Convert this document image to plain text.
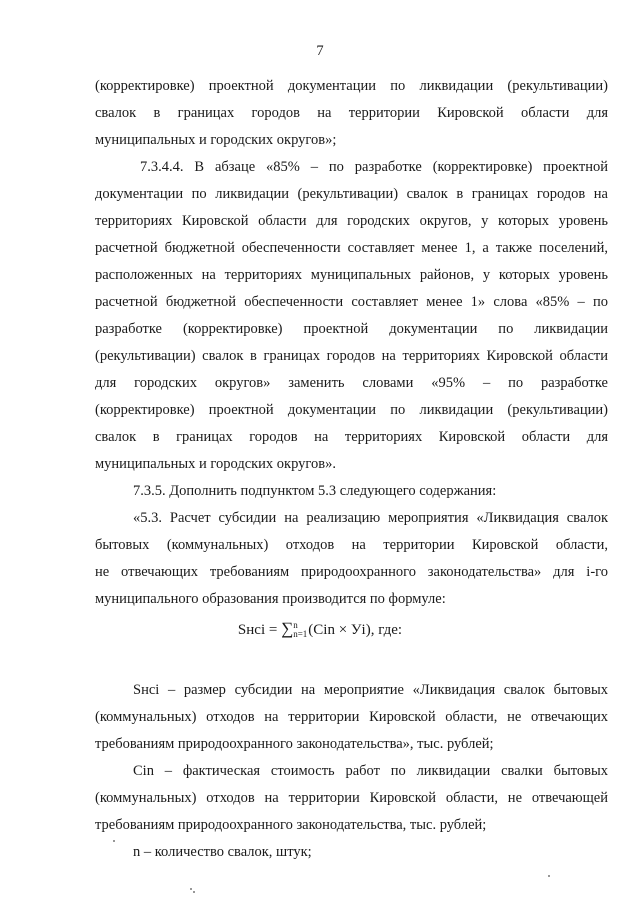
7
(корректировке) проектной документации по ликвидации (рекультивации)
свалок в границах городов на территории Кировской области для
муниципальных и городских округов»;
7.3.4.4. В абзаце «85% – по разработке (корректировке) проектной
документации по ликвидации (рекультивации) свалок в границах городов на
территориях Кировской области для городских округов, у которых уровень
расчетной бюджетной обеспеченности составляет менее 1, а также поселений,
расположенных на территориях муниципальных районов, у которых уровень
расчетной бюджетной обеспеченности составляет менее 1» слова «85% – по
разработке (корректировке) проектной документации по ликвидации
(рекультивации) свалок в границах городов на территориях Кировской области
для городских округов» заменить словами «95% – по разработке
(корректировке) проектной документации по ликвидации (рекультивации)
свалок в границах городов на территориях Кировской области для
муниципальных и городских округов».
7.3.5. Дополнить подпунктом 5.3 следующего содержания:
«5.3. Расчет субсидии на реализацию мероприятия «Ликвидация свалок
бытовых (коммунальных) отходов на территории Кировской области,
не отвечающих требованиям природоохранного законодательства» для i-го
муниципального образования производится по формуле:
Sнсi = ∑ n
n=1 (Cin × Уi), где:
Sнсi – размер субсидии на мероприятие «Ликвидация свалок бытовых
(коммунальных) отходов на территории Кировской области, не отвечающих
требованиям природоохранного законодательства», тыс. рублей;
Cin – фактическая стоимость работ по ликвидации свалки бытовых
(коммунальных) отходов на территории Кировской области, не отвечающей
требованиям природоохранного законодательства, тыс. рублей;
n – количество свалок, штук;
